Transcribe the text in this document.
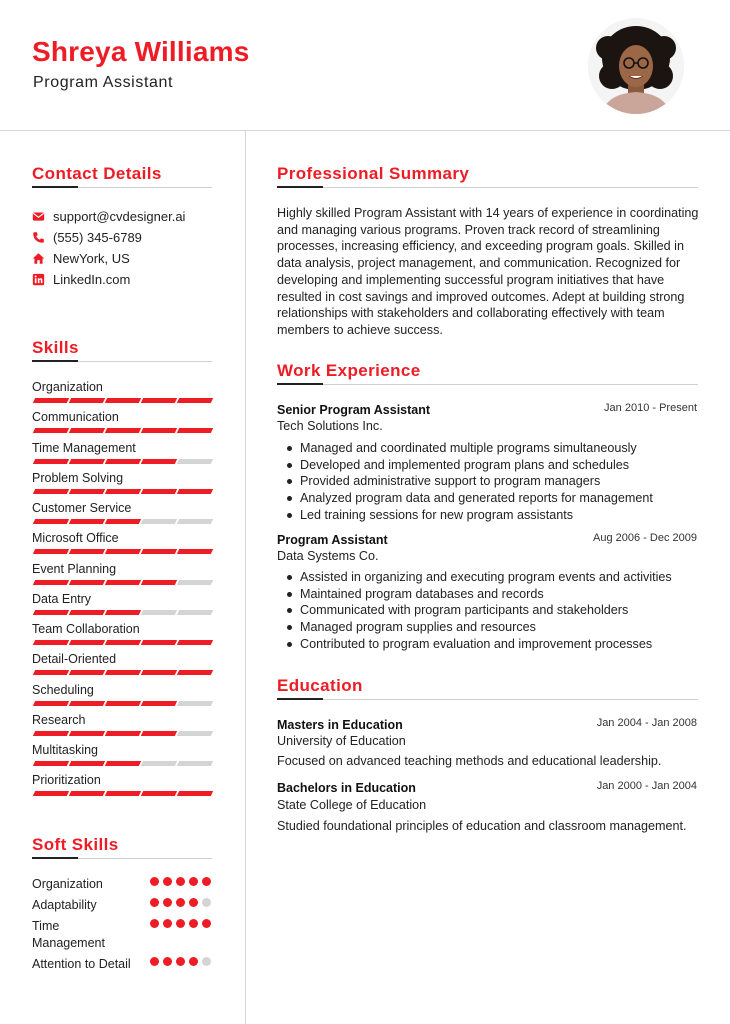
Shreya Williams
Program Assistant
Contact Details
support@cvdesigner.ai
(555) 345-6789
NewYork, US
LinkedIn.com
Skills
Organization
Communication
Time Management
Problem Solving
Customer Service
Microsoft Office
Event Planning
Data Entry
Team Collaboration
Detail-Oriented
Scheduling
Research
Multitasking
Prioritization
Soft Skills
Organization
Adaptability
Time Management
Attention to Detail
Professional Summary
Highly skilled Program Assistant with 14 years of experience in coordinating and managing various programs. Proven track record of streamlining processes, increasing efficiency, and exceeding program goals. Skilled in data analysis, project management, and communication. Recognized for developing and implementing successful program initiatives that have resulted in cost savings and improved outcomes. Adept at building strong relationships with stakeholders and collaborating effectively with team members to achieve success.
Work Experience
Senior Program Assistant	Jan 2010 - Present
Tech Solutions Inc.
Managed and coordinated multiple programs simultaneously
Developed and implemented program plans and schedules
Provided administrative support to program managers
Analyzed program data and generated reports for management
Led training sessions for new program assistants
Program Assistant	Aug 2006 - Dec 2009
Data Systems Co.
Assisted in organizing and executing program events and activities
Maintained program databases and records
Communicated with program participants and stakeholders
Managed program supplies and resources
Contributed to program evaluation and improvement processes
Education
Masters in Education	Jan 2004 - Jan 2008
University of Education
Focused on advanced teaching methods and educational leadership.
Bachelors in Education	Jan 2000 - Jan 2004
State College of Education
Studied foundational principles of education and classroom management.
